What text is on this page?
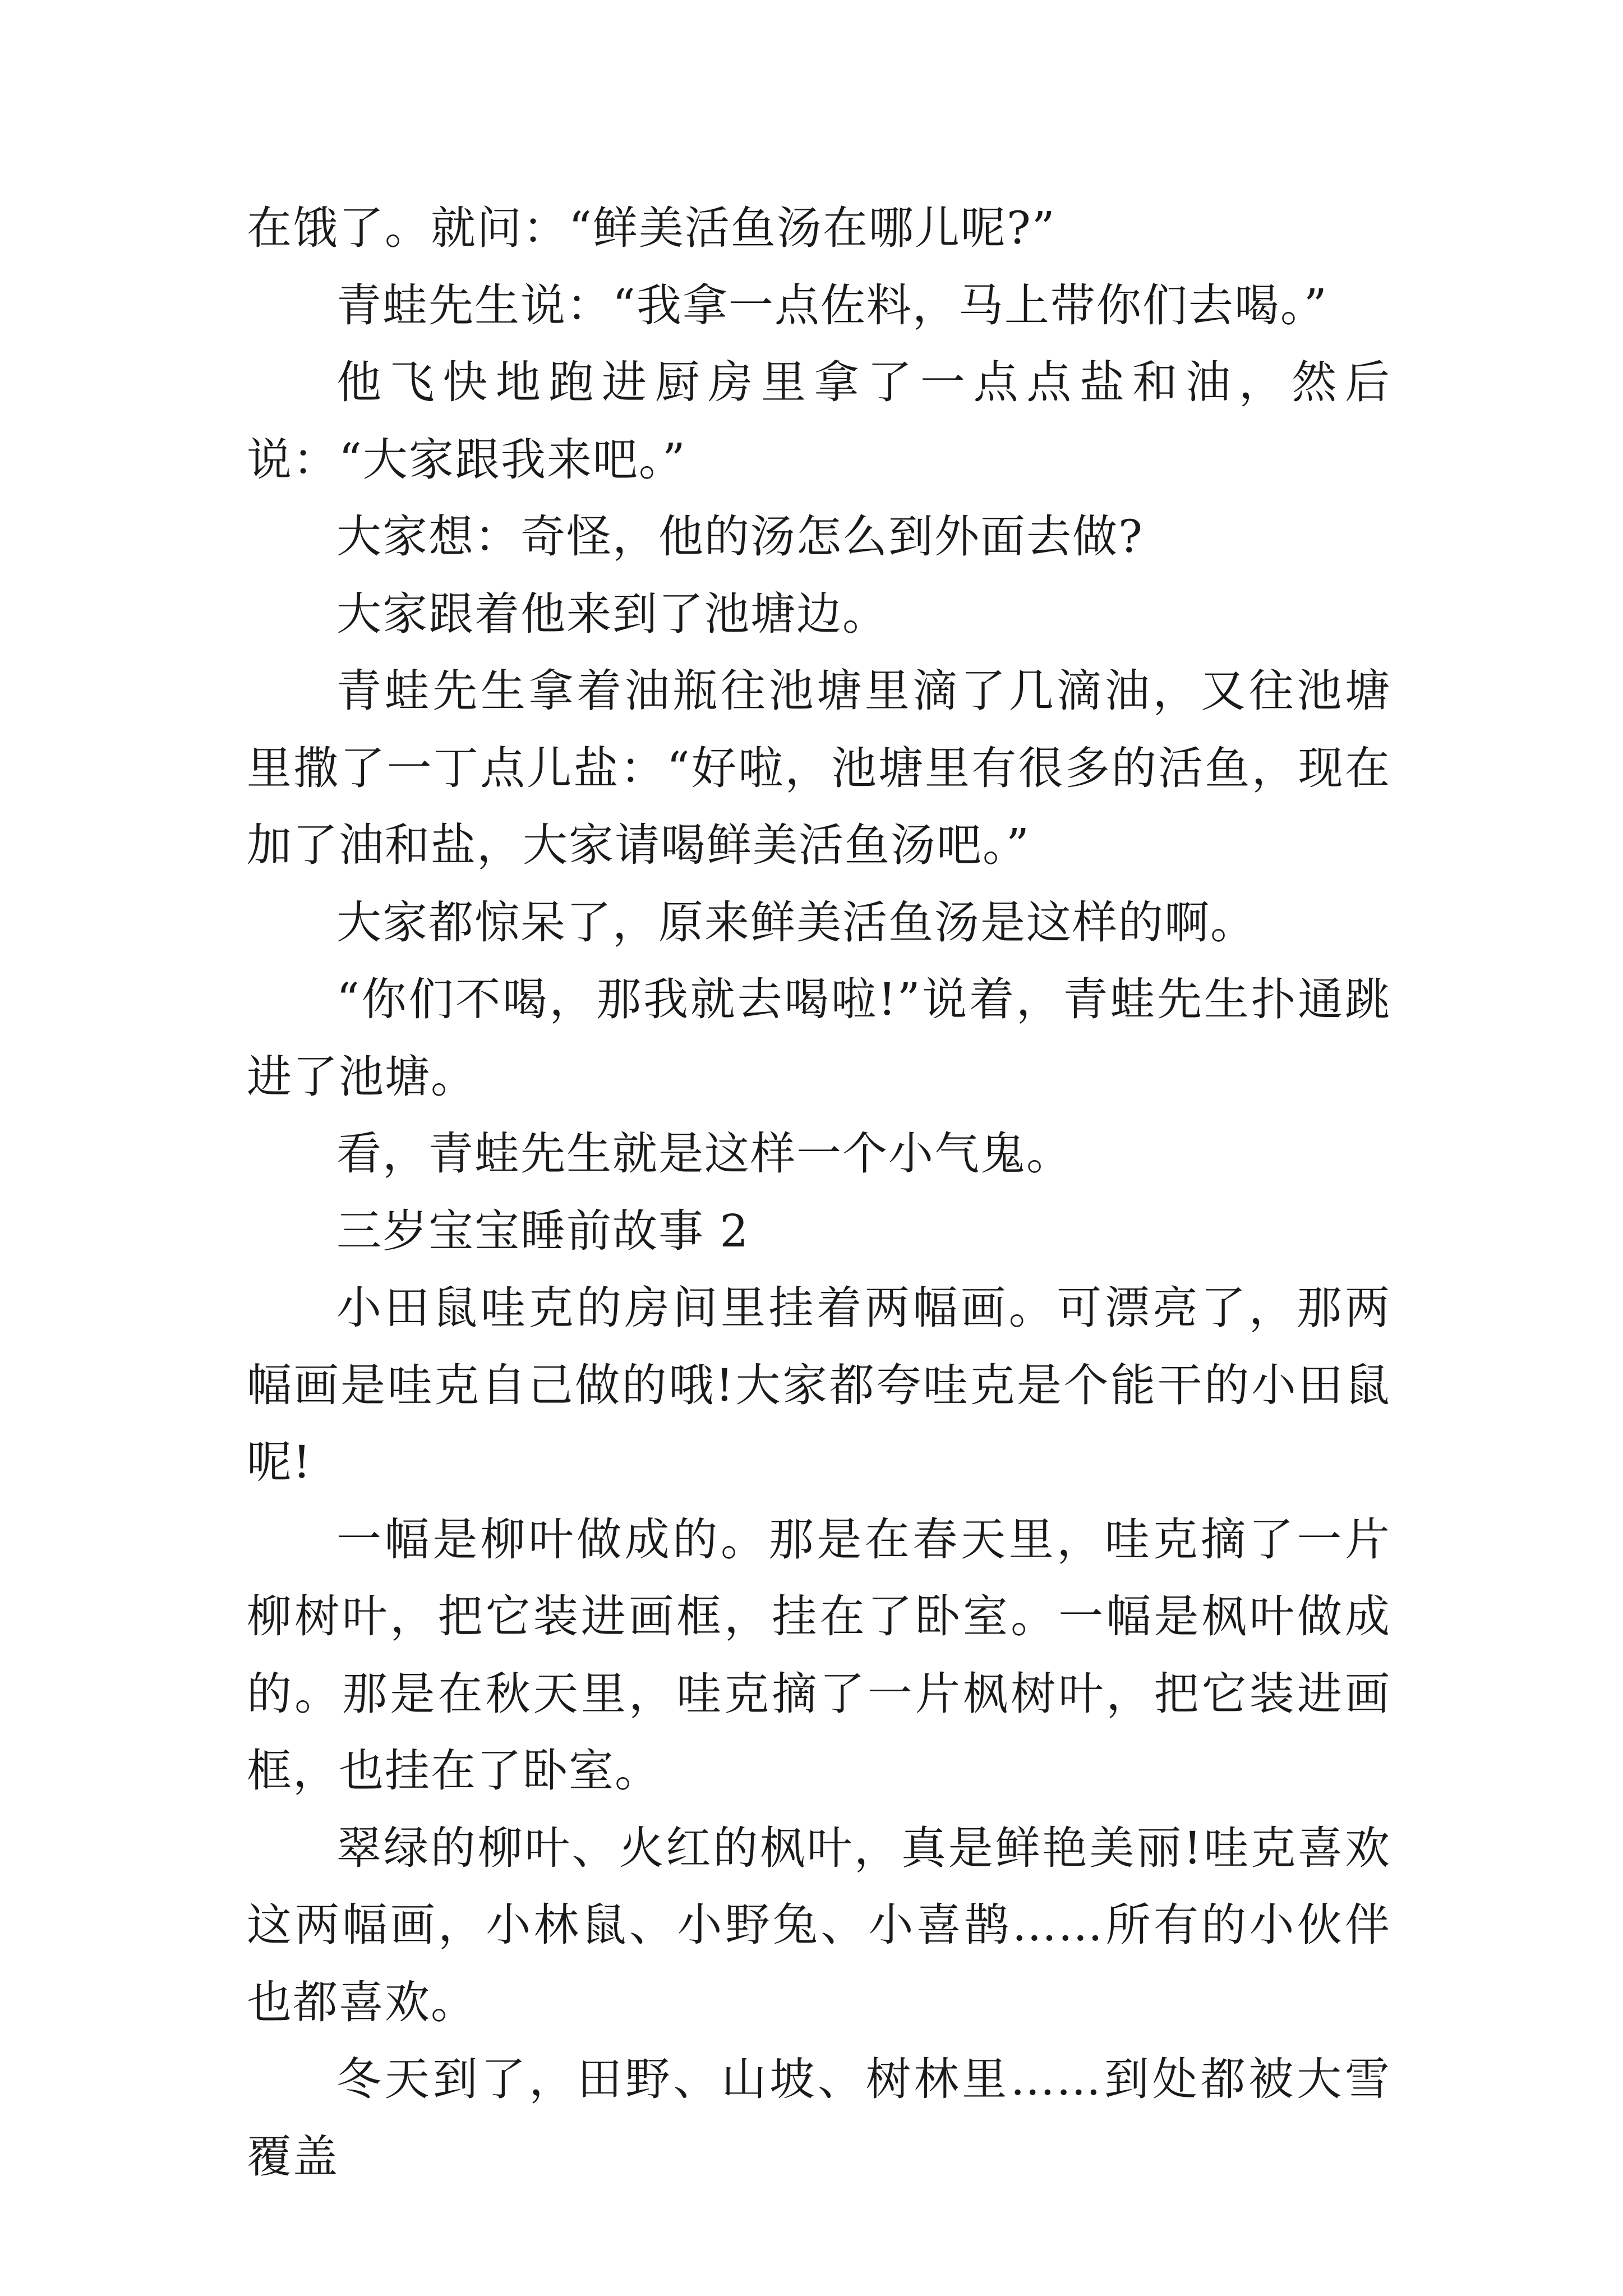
在饿了。就问：“鲜美活鱼汤在哪儿呢?”

青蛙先生说：“我拿一点佐料，马上带你们去喝。”

他飞快地跑进厨房里拿了一点点盐和油，然后说：“大家跟我来吧。”

大家想：奇怪，他的汤怎么到外面去做?

大家跟着他来到了池塘边。

青蛙先生拿着油瓶往池塘里滴了几滴油，又往池塘里撒了一丁点儿盐：“好啦，池塘里有很多的活鱼，现在加了油和盐，大家请喝鲜美活鱼汤吧。”

大家都惊呆了，原来鲜美活鱼汤是这样的啊。

“你们不喝，那我就去喝啦!”说着，青蛙先生扑通跳进了池塘。

看，青蛙先生就是这样一个小气鬼。

三岁宝宝睡前故事 2

小田鼠哇克的房间里挂着两幅画。可漂亮了，那两幅画是哇克自己做的哦!大家都夸哇克是个能干的小田鼠呢!

一幅是柳叶做成的。那是在春天里，哇克摘了一片柳树叶，把它装进画框，挂在了卧室。一幅是枫叶做成的。那是在秋天里，哇克摘了一片枫树叶，把它装进画框，也挂在了卧室。

翠绿的柳叶、火红的枫叶，真是鲜艳美丽!哇克喜欢这两幅画，小林鼠、小野兔、小喜鹊……所有的小伙伴也都喜欢。

冬天到了，田野、山坡、树林里……到处都被大雪覆盖
